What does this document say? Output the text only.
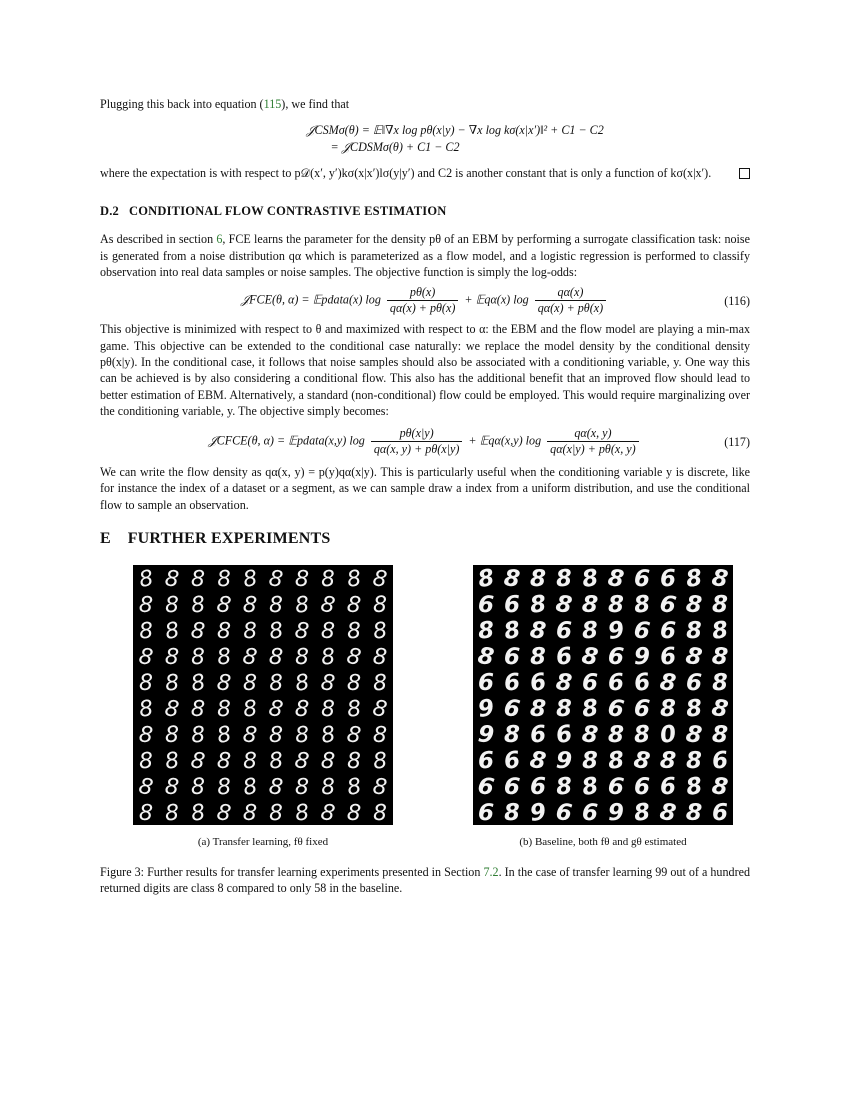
Plugging this back into equation (115), we find that

𝒥CSMσ(θ) = 𝔼‖∇x log pθ(x|y) − ∇x log kσ(x|x′)‖² + C1 − C2
= 𝒥CDSMσ(θ) + C1 − C2

where the expectation is with respect to p𝒟(x′, y′)kσ(x|x′)lσ(y|y′) and C2 is another constant that is only a function of kσ(x|x′).

D.2 CONDITIONAL FLOW CONTRASTIVE ESTIMATION

As described in section 6, FCE learns the parameter for the density pθ of an EBM by performing a surrogate classification task: noise is generated from a noise distribution qα which is parameterized as a flow model, and a logistic regression is performed to classify observation into real data samples or noise samples. The objective function is simply the log-odds:

𝒥FCE(θ, α) = 𝔼pdata(x) $\log \frac{p\theta(x)}{q\alpha(x) + p\theta(x)}$ + 𝔼qα(x) $\log \frac{q\alpha(x)}{q\alpha(x) + p\theta(x)}$	(116)

This objective is minimized with respect to θ and maximized with respect to α: the EBM and the flow model are playing a min-max game. This objective can be extended to the conditional case naturally: we replace the model density by the conditional density pθ(x|y). In the conditional case, it follows that noise samples should also be associated with a conditioning variable, y. One way this can be achieved is by also considering a conditional flow. This also has the additional benefit that an improved flow should lead to better estimation of EBM. Alternatively, a standard (non-conditional) flow could be employed. This would require marginalizing over the conditioning variable, y. The objective simply becomes:

𝒥CFCE(θ, α) = 𝔼pdata(x,y) $\log \frac{p\theta(x|y)}{q\alpha(x, y) + p\theta(x|y)}$ + 𝔼qα(x,y) $\log \frac{q\alpha(x, y)}{q\alpha(x|y) + p\theta(x, y)}$	(117)

We can write the flow density as qα(x, y) = p(y)qα(x|y). This is particularly useful when the conditioning variable y is discrete, like for instance the index of a dataset or a segment, as we can sample draw a index from a uniform distribution, and use the conditional flow to sample an observation.

E FURTHER EXPERIMENTS
8 8 8 8 8 8 8 8 8 8
8 8 8 8 8 8 8 8 8 8
8 8 8 8 8 8 8 8 8 8
8 8 8 8 8 8 8 8 8 8
8 8 8 8 8 8 8 8 8 8
8 8 8 8 8 8 8 8 8 8
8 8 8 8 8 8 8 8 8 8
8 8 8 8 8 8 8 8 8 8
8 8 8 8 8 8 8 8 8 8
8 8 8 8 8 8 8 8 8 8
(a) Transfer learning, fθ fixed
8 8 8 8 8 8 6 6 8 8
6 6 8 8 8 8 8 6 8 8
8 8 8 6 8 9 6 6 8 8
8 6 8 6 8 6 9 6 8 8
6 6 6 8 6 6 6 8 6 8
9 6 8 8 8 6 6 8 8 8
9 8 6 6 8 8 8 0 8 8
6 6 8 9 8 8 8 8 8 6
6 6 6 8 8 6 6 6 8 8
6 8 9 6 6 9 8 8 8 6
(b) Baseline, both fθ and gθ estimated

Figure 3: Further results for transfer learning experiments presented in Section 7.2. In the case of transfer learning 99 out of a hundred returned digits are class 8 compared to only 58 in the baseline.
